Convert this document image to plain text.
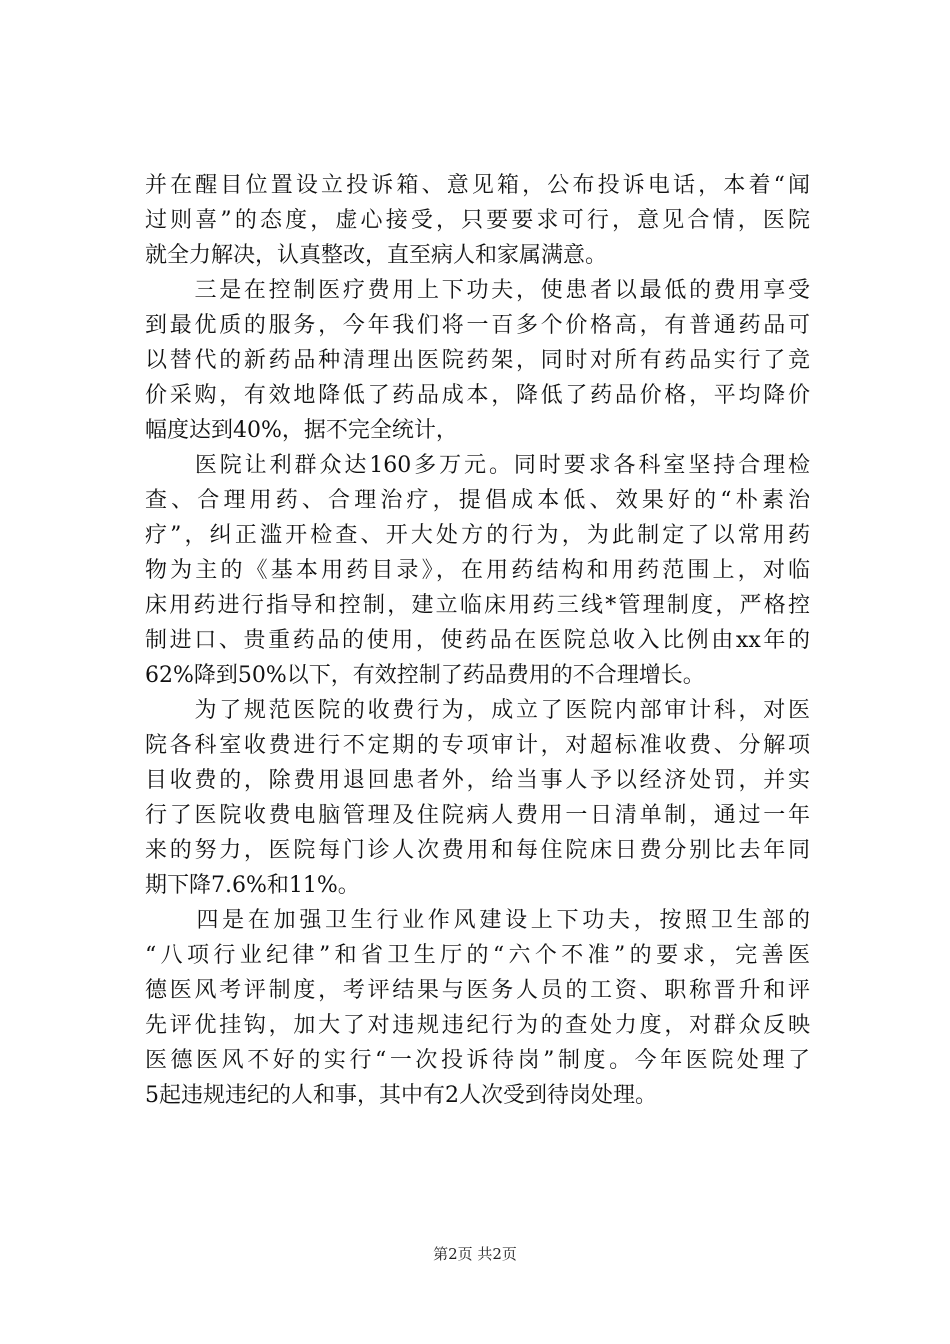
并在醒目位置设立投诉箱、意见箱，公布投诉电话，本着“闻
过则喜”的态度，虚心接受，只要要求可行，意见合情，医院
就全力解决，认真整改，直至病人和家属满意。
　　三是在控制医疗费用上下功夫，使患者以最低的费用享受
到最优质的服务，今年我们将一百多个价格高，有普通药品可
以替代的新药品种清理出医院药架，同时对所有药品实行了竞
价采购，有效地降低了药品成本，降低了药品价格，平均降价
幅度达到40%，据不完全统计，
　　医院让利群众达160多万元。同时要求各科室坚持合理检
查、合理用药、合理治疗，提倡成本低、效果好的“朴素治
疗”，纠正滥开检查、开大处方的行为，为此制定了以常用药
物为主的《基本用药目录》，在用药结构和用药范围上，对临
床用药进行指导和控制，建立临床用药三线*管理制度，严格控
制进口、贵重药品的使用，使药品在医院总收入比例由xx年的
62%降到50%以下，有效控制了药品费用的不合理增长。
　　为了规范医院的收费行为，成立了医院内部审计科，对医
院各科室收费进行不定期的专项审计，对超标准收费、分解项
目收费的，除费用退回患者外，给当事人予以经济处罚，并实
行了医院收费电脑管理及住院病人费用一日清单制，通过一年
来的努力，医院每门诊人次费用和每住院床日费分别比去年同
期下降7.6%和11%。
　　四是在加强卫生行业作风建设上下功夫，按照卫生部的
“八项行业纪律”和省卫生厅的“六个不准”的要求，完善医
德医风考评制度，考评结果与医务人员的工资、职称晋升和评
先评优挂钩，加大了对违规违纪行为的查处力度，对群众反映
医德医风不好的实行“一次投诉待岗”制度。今年医院处理了
5起违规违纪的人和事，其中有2人次受到待岗处理。
第2页 共2页
